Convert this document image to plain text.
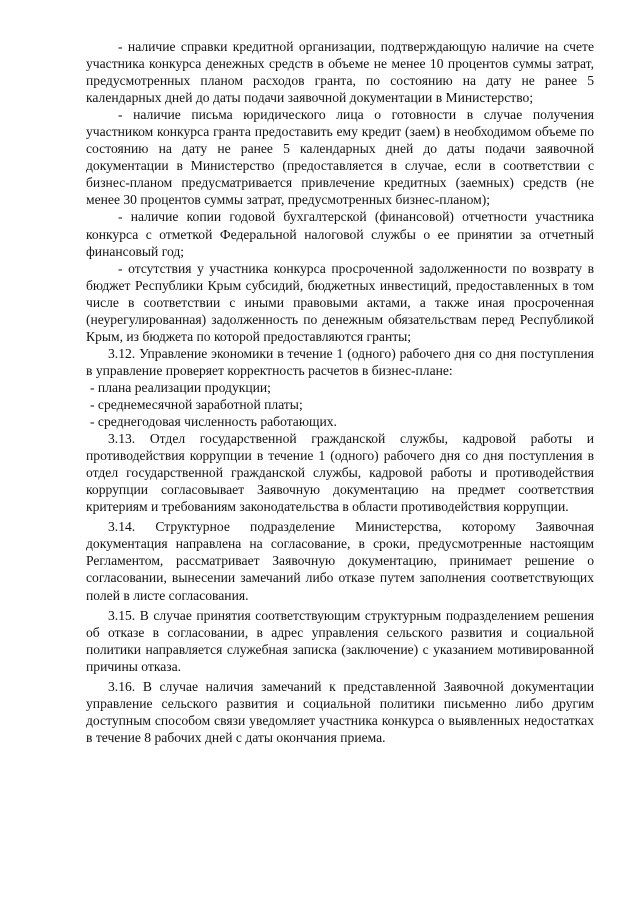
- наличие справки кредитной организации, подтверждающую наличие на счете участника конкурса денежных средств в объеме не менее 10 процентов суммы затрат, предусмотренных планом расходов гранта, по состоянию на дату не ранее 5 календарных дней до даты подачи заявочной документации в Министерство;

- наличие письма юридического лица о готовности в случае получения участником конкурса гранта предоставить ему кредит (заем) в необходимом объеме по состоянию на дату не ранее 5 календарных дней до даты подачи заявочной документации в Министерство (предоставляется в случае, если в соответствии с бизнес-планом предусматривается привлечение кредитных (заемных) средств (не менее 30 процентов суммы затрат, предусмотренных бизнес-планом);

- наличие копии годовой бухгалтерской (финансовой) отчетности участника конкурса с отметкой Федеральной налоговой службы о ее принятии за отчетный финансовый год;

- отсутствия у участника конкурса просроченной задолженности по возврату в бюджет Республики Крым субсидий, бюджетных инвестиций, предоставленных в том числе в соответствии с иными правовыми актами, а также иная просроченная (неурегулированная) задолженность по денежным обязательствам перед Республикой Крым, из бюджета по которой предоставляются гранты;

3.12. Управление экономики в течение 1 (одного) рабочего дня со дня поступления в управление проверяет корректность расчетов в бизнес-плане:

- плана реализации продукции;

- среднемесячной заработной платы;

- среднегодовая численность работающих.

3.13. Отдел государственной гражданской службы, кадровой работы и противодействия коррупции в течение 1 (одного) рабочего дня со дня поступления в отдел государственной гражданской службы, кадровой работы и противодействия коррупции согласовывает Заявочную документацию на предмет соответствия критериям и требованиям законодательства в области противодействия коррупции.

3.14. Структурное подразделение Министерства, которому Заявочная документация направлена на согласование, в сроки, предусмотренные настоящим Регламентом, рассматривает Заявочную документацию, принимает решение о согласовании, вынесении замечаний либо отказе путем заполнения соответствующих полей в листе согласования.

3.15. В случае принятия соответствующим структурным подразделением решения об отказе в согласовании, в адрес управления сельского развития и социальной политики направляется служебная записка (заключение) с указанием мотивированной причины отказа.

3.16. В случае наличия замечаний к представленной Заявочной документации управление сельского развития и социальной политики письменно либо другим доступным способом связи уведомляет участника конкурса о выявленных недостатках в течение 8 рабочих дней с даты окончания приема.
